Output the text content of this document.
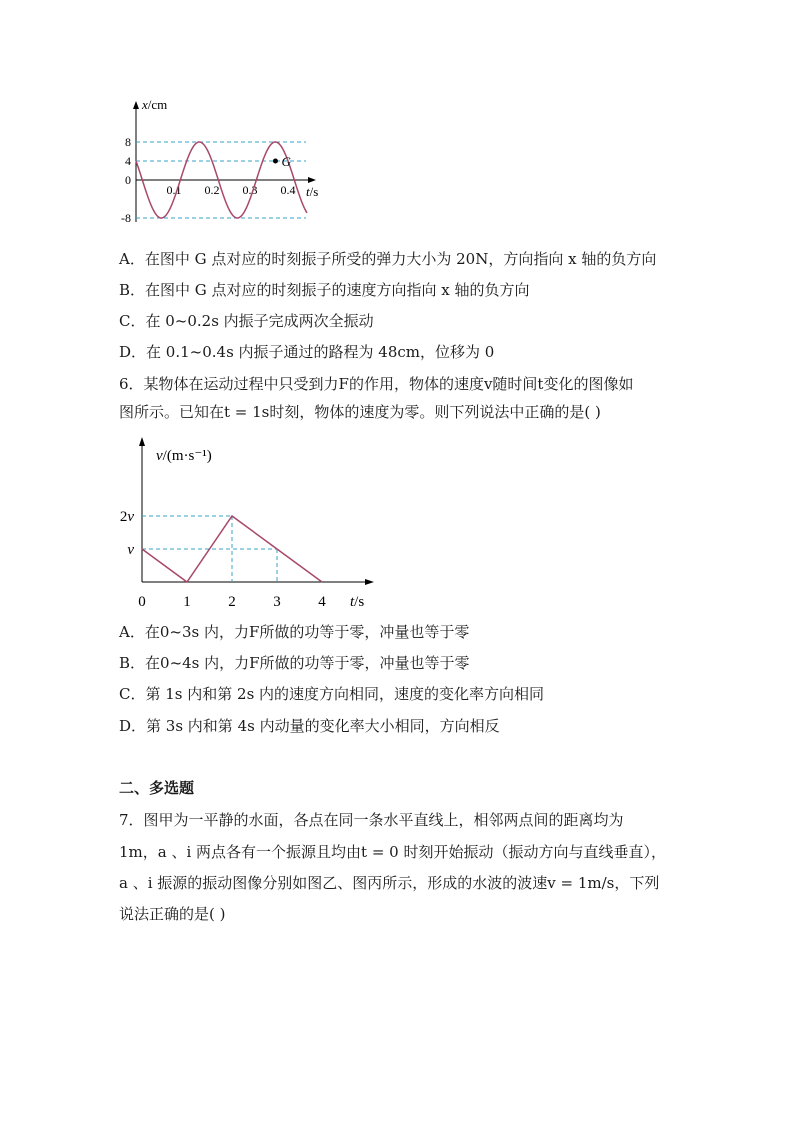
8
4
0
-8
0.1 0.2 0.3 0.4
x/cm
t/s
G
A．在图中 G 点对应的时刻振子所受的弹力大小为 20N，方向指向 x 轴的负方向
B．在图中 G 点对应的时刻振子的速度方向指向 x 轴的负方向
C．在 0~0.2s 内振子完成两次全振动
D．在 0.1~0.4s 内振子通过的路程为 48cm，位移为 0
6．某物体在运动过程中只受到力F的作用，物体的速度v随时间t变化的图像如
图所示。已知在t = 1s时刻，物体的速度为零。则下列说法中正确的是( )
0	1	2	3	4
2v
v
v/(m·s⁻¹)
t/s
A．在0~3s 内，力F所做的功等于零，冲量也等于零
B．在0~4s 内，力F所做的功等于零，冲量也等于零
C．第 1s 内和第 2s 内的速度方向相同，速度的变化率方向相同
D．第 3s 内和第 4s 内动量的变化率大小相同，方向相反
二、多选题
7．图甲为一平静的水面，各点在同一条水平直线上，相邻两点间的距离均为
1m，a 、i 两点各有一个振源且均由t = 0 时刻开始振动（振动方向与直线垂直），
a 、i 振源的振动图像分别如图乙、图丙所示，形成的水波的波速v = 1m/s，下列
说法正确的是( )
